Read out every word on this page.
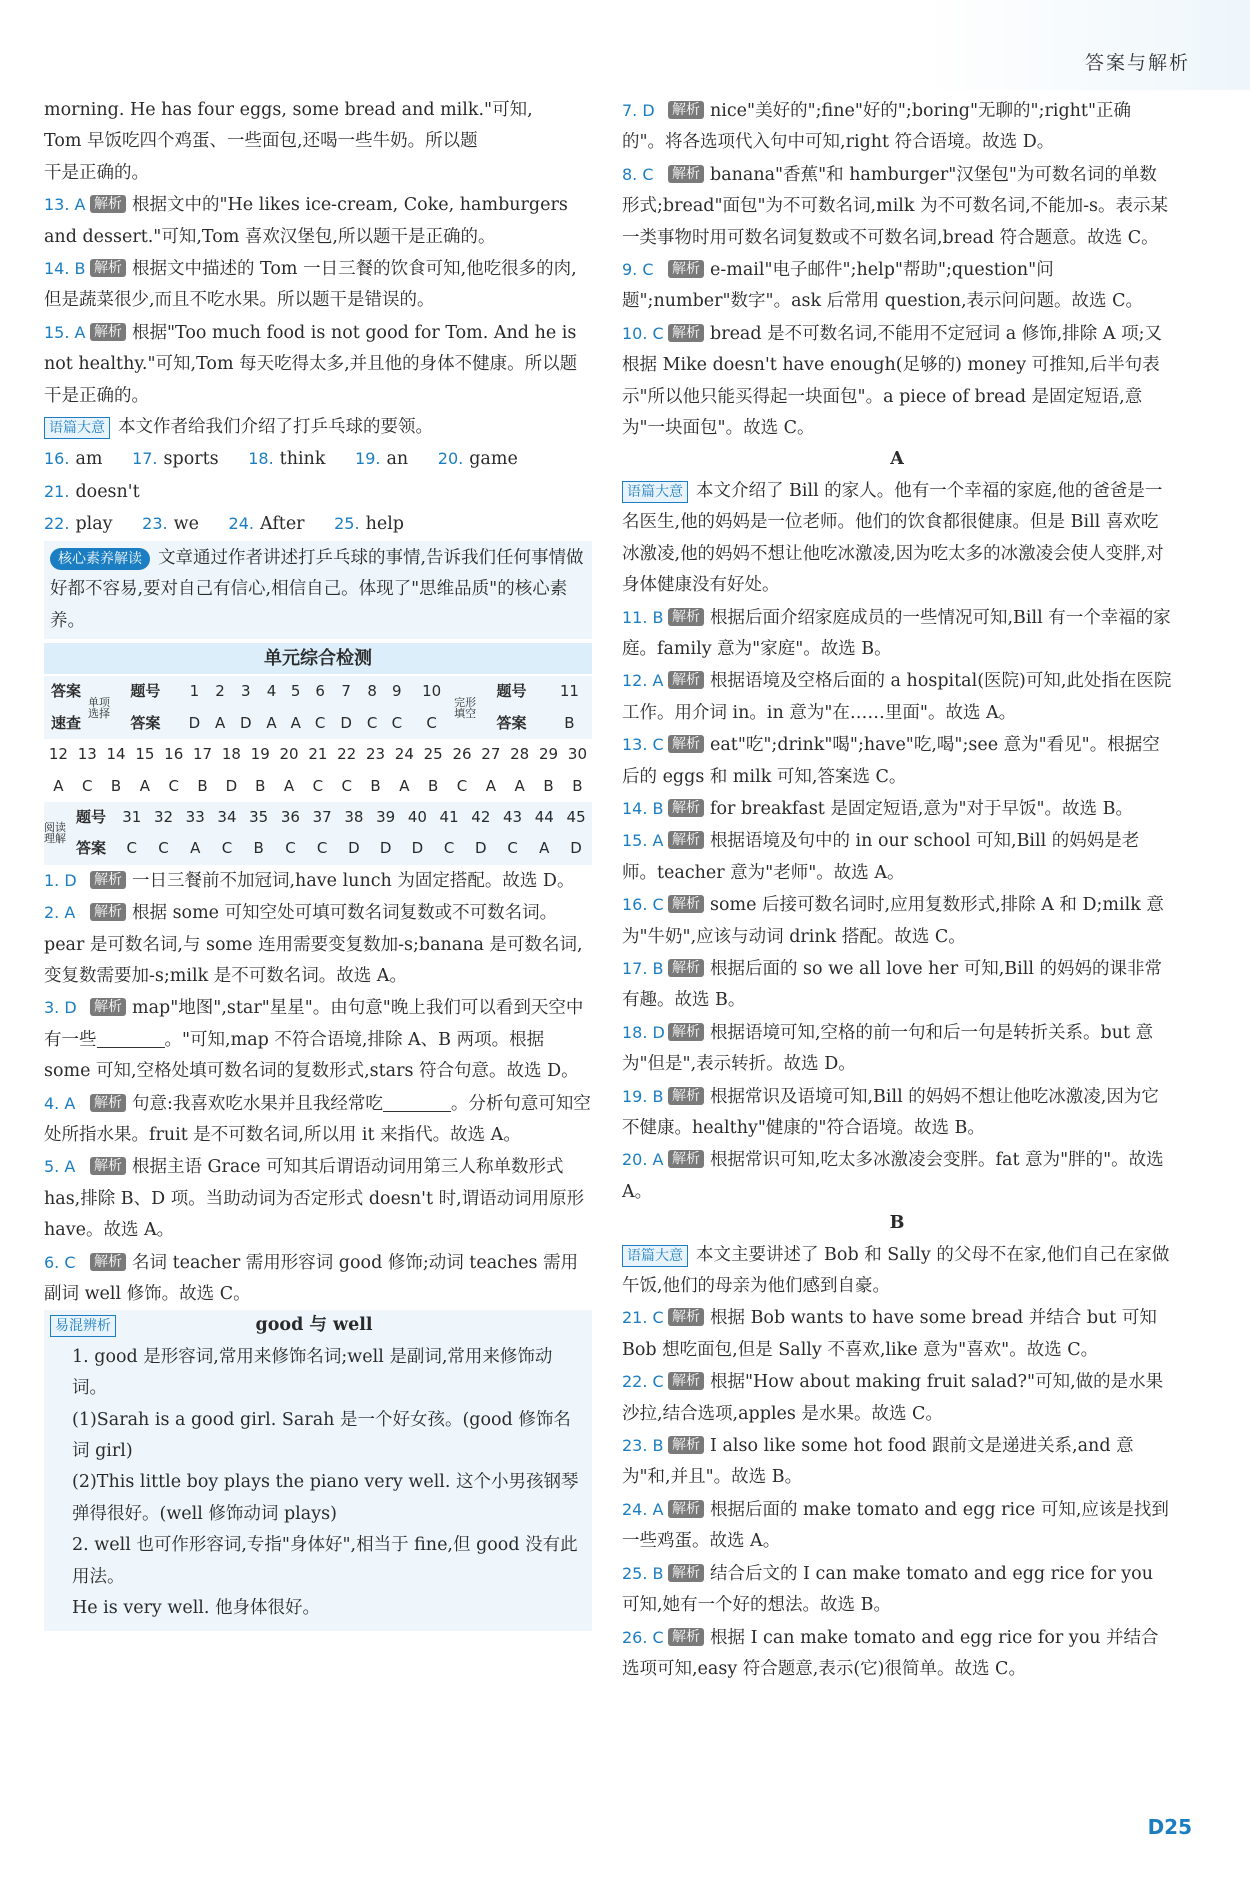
答案与解析

morning. He has four eggs, some bread and milk."可知,

Tom 早饭吃四个鸡蛋、一些面包,还喝一些牛奶。所以题

干是正确的。

13. A 解析 根据文中的"He likes ice-cream, Coke, hamburgers and dessert."可知,Tom 喜欢汉堡包,所以题干是正确的。

14. B 解析 根据文中描述的 Tom 一日三餐的饮食可知,他吃很多的肉,但是蔬菜很少,而且不吃水果。所以题干是错误的。

15. A 解析 根据"Too much food is not good for Tom. And he is not healthy."可知,Tom 每天吃得太多,并且他的身体不健康。所以题干是正确的。

语篇大意 本文作者给我们介绍了打乒乓球的要领。

16. am 17. sports 18. think 19. an 20. game 21. doesn't

22. play 23. we 24. After 25. help

核心素养解读 文章通过作者讲述打乒乓球的事情,告诉我们任何事情做好都不容易,要对自己有信心,相信自己。体现了"思维品质"的核心素养。

单元综合检测
答案速查	单项选择	题号	1	2	3	4	5	6	7	8	9	10	完形填空	题号	11
		答案	D	A	D	A	A	C	D	C	C	C		答案	B
12	13	14	15	16	17	18	19	20	21	22	23	24	25	26	27	28	29	30
A	C	B	A	C	B	D	B	A	C	C	B	A	B	C	A	A	B	B
阅读理解	题号	31	32	33	34	35	36	37	38	39	40	41	42	43	44	45
	答案	C	C	A	C	B	C	C	D	D	D	C	D	C	A	D

1. D 解析 一日三餐前不加冠词,have lunch 为固定搭配。故选 D。

2. A 解析 根据 some 可知空处可填可数名词复数或不可数名词。pear 是可数名词,与 some 连用需要变复数加-s;banana 是可数名词,变复数需要加-s;milk 是不可数名词。故选 A。

3. D 解析 map"地图",star"星星"。由句意"晚上我们可以看到天空中有一些	。"可知,map 不符合语境,排除 A、B 两项。根据 some 可知,空格处填可数名词的复数形式,stars 符合句意。故选 D。

4. A 解析 句意:我喜欢吃水果并且我经常吃	。分析句意可知空处所指水果。fruit 是不可数名词,所以用 it 来指代。故选 A。

5. A 解析 根据主语 Grace 可知其后谓语动词用第三人称单数形式 has,排除 B、D 项。当助动词为否定形式 doesn't 时,谓语动词用原形 have。故选 A。

6. C 解析 名词 teacher 需用形容词 good 修饰;动词 teaches 需用副词 well 修饰。故选 C。

易混辨析	good 与 well

1. good 是形容词,常用来修饰名词;well 是副词,常用来修饰动词。

(1)Sarah is a good girl. Sarah 是一个好女孩。(good 修饰名词 girl)

(2)This little boy plays the piano very well. 这个小男孩钢琴弹得很好。(well 修饰动词 plays)

2. well 也可作形容词,专指"身体好",相当于 fine,但 good 没有此用法。

He is very well. 他身体很好。

7. D 解析 nice"美好的";fine"好的";boring"无聊的";right"正确的"。将各选项代入句中可知,right 符合语境。故选 D。

8. C 解析 banana"香蕉"和 hamburger"汉堡包"为可数名词的单数形式;bread"面包"为不可数名词,milk 为不可数名词,不能加-s。表示某一类事物时用可数名词复数或不可数名词,bread 符合题意。故选 C。

9. C 解析 e-mail"电子邮件";help"帮助";question"问题";number"数字"。ask 后常用 question,表示问问题。故选 C。

10. C 解析 bread 是不可数名词,不能用不定冠词 a 修饰,排除 A 项;又根据 Mike doesn't have enough(足够的) money 可推知,后半句表示"所以他只能买得起一块面包"。a piece of bread 是固定短语,意为"一块面包"。故选 C。

A

语篇大意 本文介绍了 Bill 的家人。他有一个幸福的家庭,他的爸爸是一名医生,他的妈妈是一位老师。他们的饮食都很健康。但是 Bill 喜欢吃冰激凌,他的妈妈不想让他吃冰激凌,因为吃太多的冰激凌会使人变胖,对身体健康没有好处。

11. B 解析 根据后面介绍家庭成员的一些情况可知,Bill 有一个幸福的家庭。family 意为"家庭"。故选 B。

12. A 解析 根据语境及空格后面的 a hospital(医院)可知,此处指在医院工作。用介词 in。in 意为"在……里面"。故选 A。

13. C 解析 eat"吃";drink"喝";have"吃,喝";see 意为"看见"。根据空后的 eggs 和 milk 可知,答案选 C。

14. B 解析 for breakfast 是固定短语,意为"对于早饭"。故选 B。

15. A 解析 根据语境及句中的 in our school 可知,Bill 的妈妈是老师。teacher 意为"老师"。故选 A。

16. C 解析 some 后接可数名词时,应用复数形式,排除 A 和 D;milk 意为"牛奶",应该与动词 drink 搭配。故选 C。

17. B 解析 根据后面的 so we all love her 可知,Bill 的妈妈的课非常有趣。故选 B。

18. D 解析 根据语境可知,空格的前一句和后一句是转折关系。but 意为"但是",表示转折。故选 D。

19. B 解析 根据常识及语境可知,Bill 的妈妈不想让他吃冰激凌,因为它不健康。healthy"健康的"符合语境。故选 B。

20. A 解析 根据常识可知,吃太多冰激凌会变胖。fat 意为"胖的"。故选 A。

B

语篇大意 本文主要讲述了 Bob 和 Sally 的父母不在家,他们自己在家做午饭,他们的母亲为他们感到自豪。

21. C 解析 根据 Bob wants to have some bread 并结合 but 可知 Bob 想吃面包,但是 Sally 不喜欢,like 意为"喜欢"。故选 C。

22. C 解析 根据"How about making fruit salad?"可知,做的是水果沙拉,结合选项,apples 是水果。故选 C。

23. B 解析 I also like some hot food 跟前文是递进关系,and 意为"和,并且"。故选 B。

24. A 解析 根据后面的 make tomato and egg rice 可知,应该是找到一些鸡蛋。故选 A。

25. B 解析 结合后文的 I can make tomato and egg rice for you 可知,她有一个好的想法。故选 B。

26. C 解析 根据 I can make tomato and egg rice for you 并结合选项可知,easy 符合题意,表示(它)很简单。故选 C。

D25
